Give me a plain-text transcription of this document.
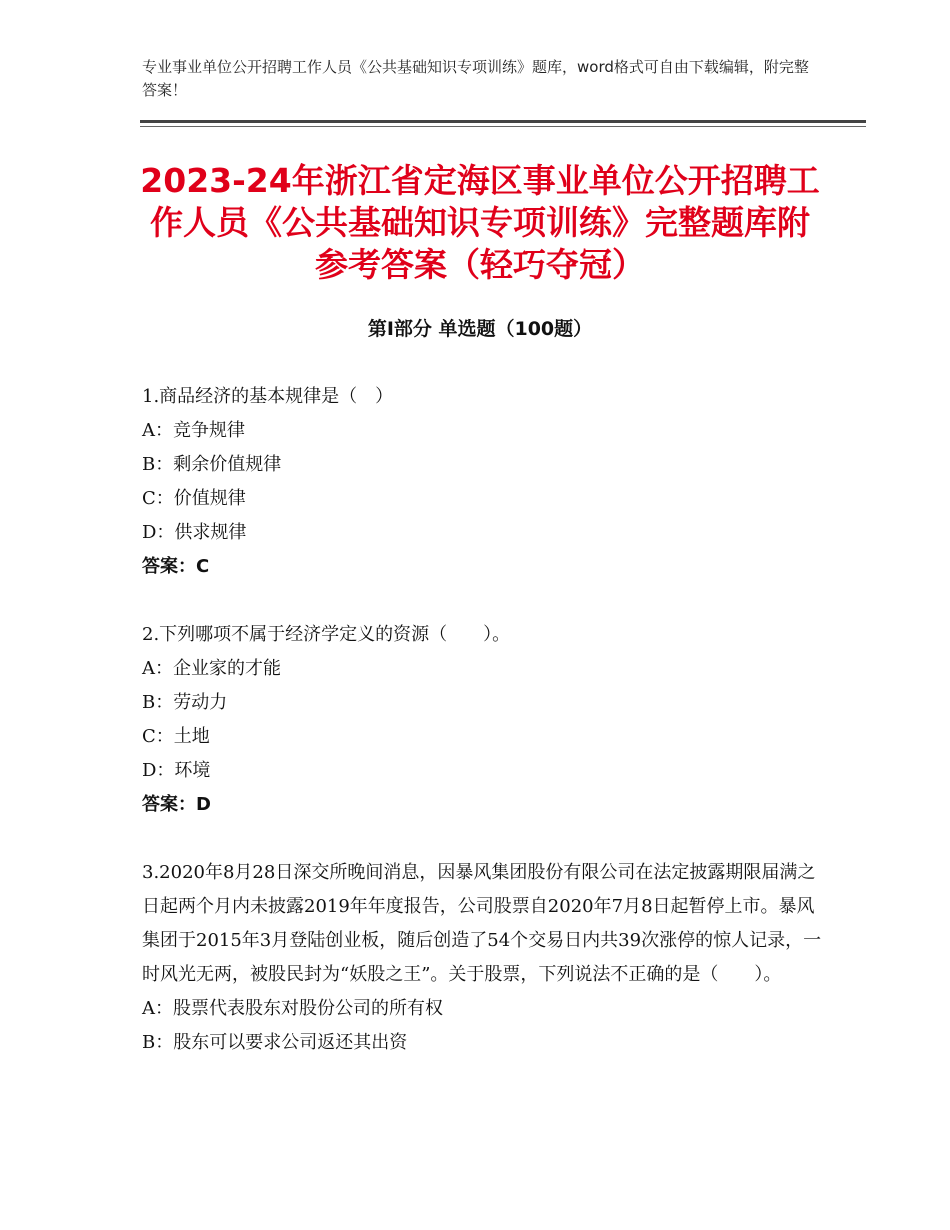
专业事业单位公开招聘工作人员《公共基础知识专项训练》题库，word格式可自由下载编辑，附完整答案！
2023-24年浙江省定海区事业单位公开招聘工作人员《公共基础知识专项训练》完整题库附参考答案（轻巧夺冠）
第Ⅰ部分 单选题（100题）

1.商品经济的基本规律是（　）

A：竞争规律

B：剩余价值规律

C：价值规律

D：供求规律

答案：C

2.下列哪项不属于经济学定义的资源（　　）。

A：企业家的才能

B：劳动力

C：土地

D：环境

答案：D

3.2020年8月28日深交所晚间消息，因暴风集团股份有限公司在法定披露期限届满之日起两个月内未披露2019年年度报告，公司股票自2020年7月8日起暂停上市。暴风集团于2015年3月登陆创业板，随后创造了54个交易日内共39次涨停的惊人记录，一时风光无两，被股民封为“妖股之王”。关于股票，下列说法不正确的是（　　）。

A：股票代表股东对股份公司的所有权

B：股东可以要求公司返还其出资
